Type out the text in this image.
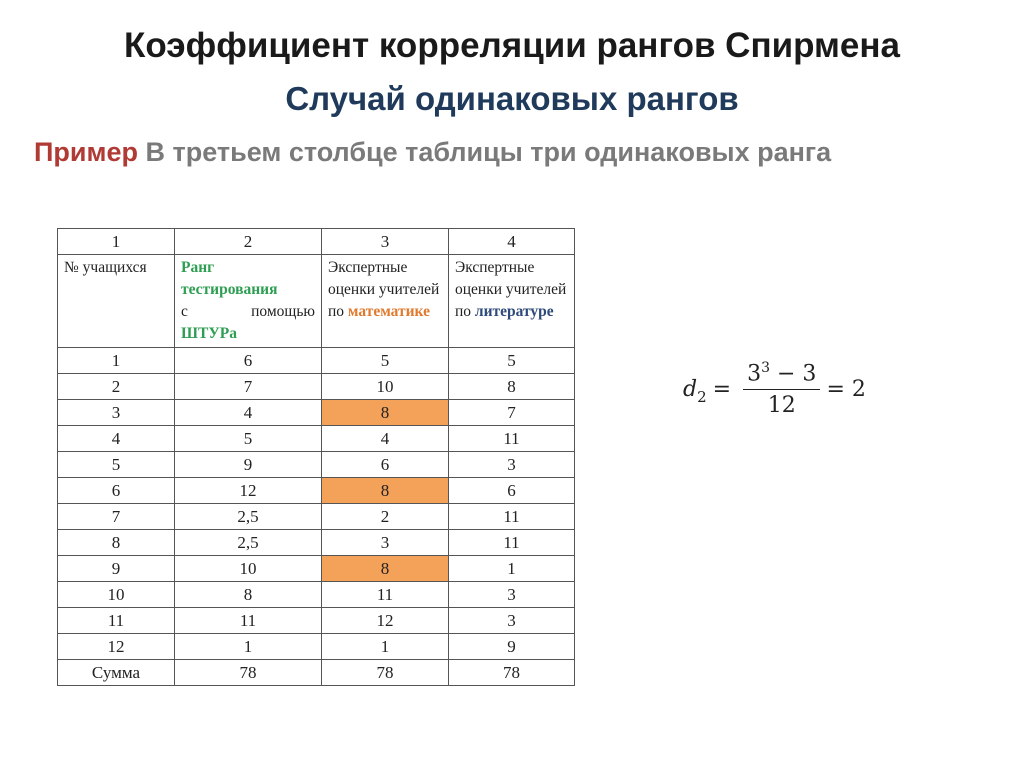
Коэффициент корреляции рангов Спирмена
Случай одинаковых рангов
Пример В третьем столбце таблицы три одинаковых ранга
1	2	3	4
№ учащихся	Ранг
тестирования
с помощью
ШТУРа	Экспертные оценки учителей по математике	Экспертные оценки учителей по литературе
1	6	5	5
2	7	10	8
3	4	8	7
4	5	4	11
5	9	6	3
6	12	8	6
7	2,5	2	11
8	2,5	3	11
9	10	8	1
10	8	11	3
11	11	12	3
12	1	1	9
Сумма	78	78	78
$d_2 = \frac{3^3 - 3}{12} = 2$
